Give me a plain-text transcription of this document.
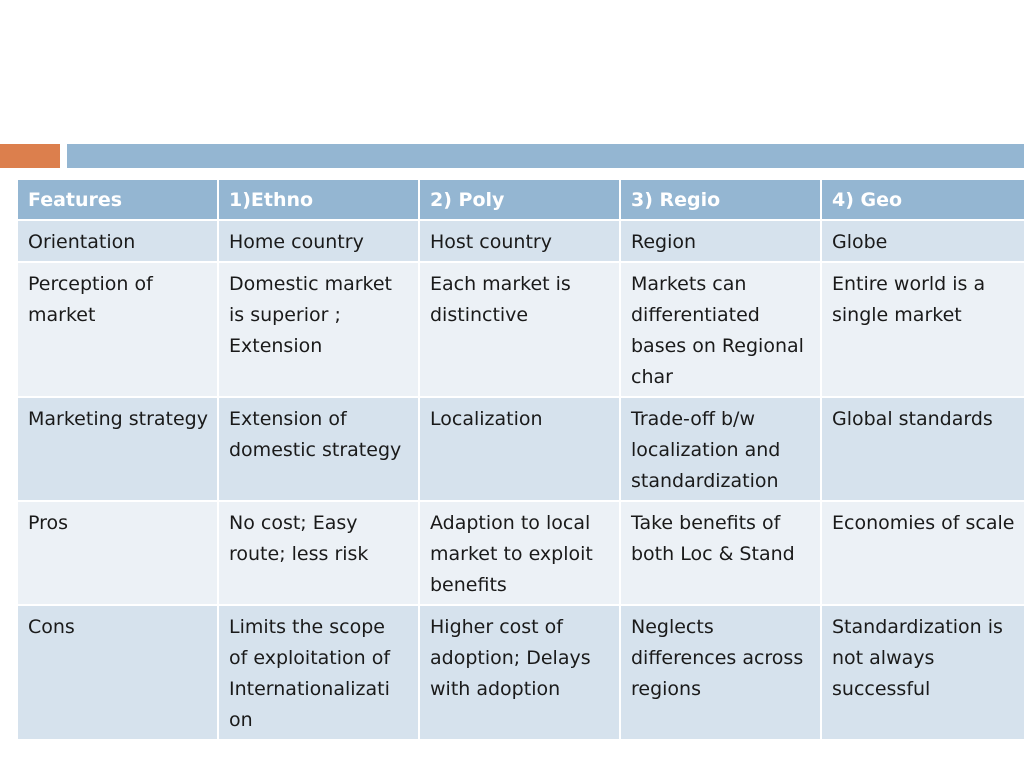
Features	1)Ethno	2) Poly	3) Regio	4) Geo
Orientation	Home country	Host country	Region	Globe
Perception of market	Domestic market is superior ; Extension	Each market is distinctive	Markets can differentiated bases on Regional char	Entire world is a single market
Marketing strategy	Extension of domestic strategy	Localization	Trade-off b/w localization and standardization	Global standards
Pros	No cost; Easy route; less risk	Adaption to local market to exploit benefits	Take benefits of both Loc & Stand	Economies of scale
Cons	Limits the scope of exploitation of Internationalizati on	Higher cost of adoption; Delays with adoption	Neglects differences across regions	Standardization is not always successful
